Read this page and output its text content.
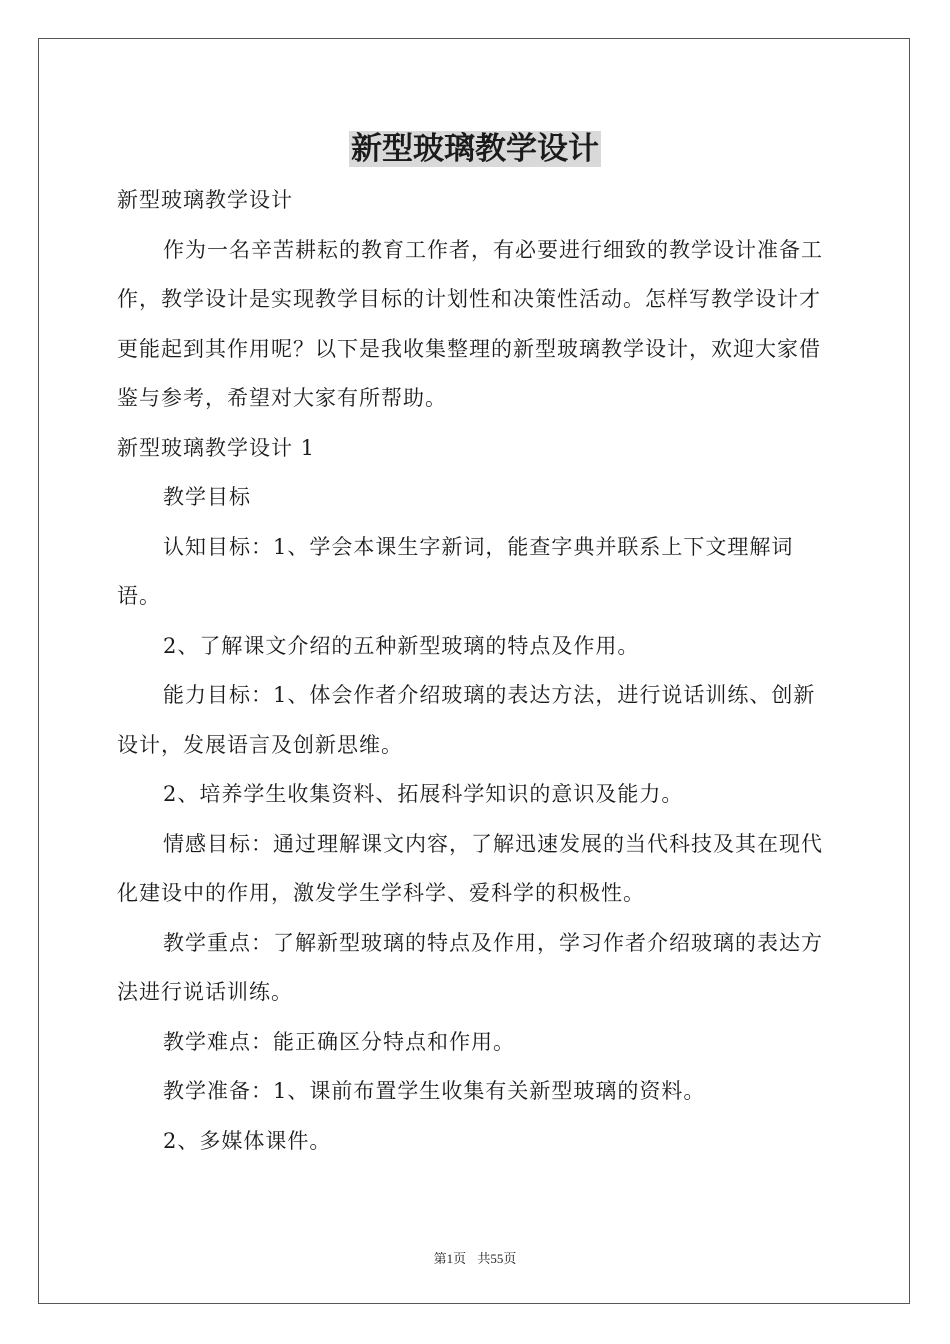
新型玻璃教学设计

新型玻璃教学设计

作为一名辛苦耕耘的教育工作者，有必要进行细致的教学设计准备工作，教学设计是实现教学目标的计划性和决策性活动。怎样写教学设计才更能起到其作用呢？以下是我收集整理的新型玻璃教学设计，欢迎大家借鉴与参考，希望对大家有所帮助。

新型玻璃教学设计 1

教学目标

认知目标：1、学会本课生字新词，能查字典并联系上下文理解词语。

2、了解课文介绍的五种新型玻璃的特点及作用。

能力目标：1、体会作者介绍玻璃的表达方法，进行说话训练、创新设计，发展语言及创新思维。

2、培养学生收集资料、拓展科学知识的意识及能力。

情感目标：通过理解课文内容，了解迅速发展的当代科技及其在现代化建设中的作用，激发学生学科学、爱科学的积极性。

教学重点：了解新型玻璃的特点及作用，学习作者介绍玻璃的表达方法进行说话训练。

教学难点：能正确区分特点和作用。

教学准备：1、课前布置学生收集有关新型玻璃的资料。

2、多媒体课件。

第1页 共55页
